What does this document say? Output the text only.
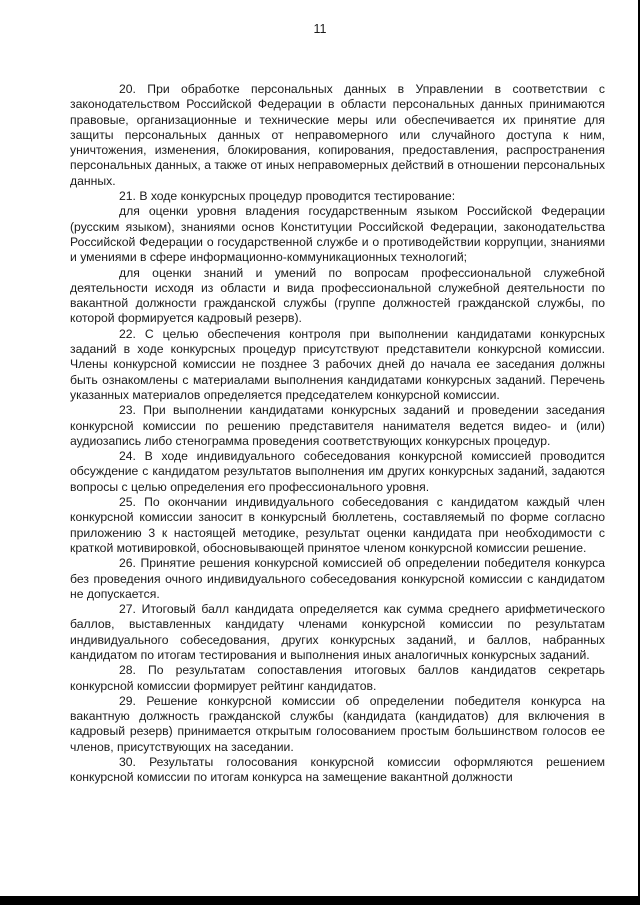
11

20. При обработке персональных данных в Управлении в соответствии с законодательством Российской Федерации в области персональных данных принимаются правовые, организационные и технические меры или обеспечивается их принятие для защиты персональных данных от неправомерного или случайного доступа к ним, уничтожения, изменения, блокирования, копирования, предоставления, распространения персональных данных, а также от иных неправомерных действий в отношении персональных данных.

21. В ходе конкурсных процедур проводится тестирование:

для оценки уровня владения государственным языком Российской Федерации (русским языком), знаниями основ Конституции Российской Федерации, законодательства Российской Федерации о государственной службе и о противодействии коррупции, знаниями и умениями в сфере информационно-коммуникационных технологий;

для оценки знаний и умений по вопросам профессиональной служебной деятельности исходя из области и вида профессиональной служебной деятельности по вакантной должности гражданской службы (группе должностей гражданской службы, по которой формируется кадровый резерв).

22. С целью обеспечения контроля при выполнении кандидатами конкурсных заданий в ходе конкурсных процедур присутствуют представители конкурсной комиссии. Члены конкурсной комиссии не позднее 3 рабочих дней до начала ее заседания должны быть ознакомлены с материалами выполнения кандидатами конкурсных заданий. Перечень указанных материалов определяется председателем конкурсной комиссии.

23. При выполнении кандидатами конкурсных заданий и проведении заседания конкурсной комиссии по решению представителя нанимателя ведется видео- и (или) аудиозапись либо стенограмма проведения соответствующих конкурсных процедур.

24. В ходе индивидуального собеседования конкурсной комиссией проводится обсуждение с кандидатом результатов выполнения им других конкурсных заданий, задаются вопросы с целью определения его профессионального уровня.

25. По окончании индивидуального собеседования с кандидатом каждый член конкурсной комиссии заносит в конкурсный бюллетень, составляемый по форме согласно приложению 3 к настоящей методике, результат оценки кандидата при необходимости с краткой мотивировкой, обосновывающей принятое членом конкурсной комиссии решение.

26. Принятие решения конкурсной комиссией об определении победителя конкурса без проведения очного индивидуального собеседования конкурсной комиссии с кандидатом не допускается.

27. Итоговый балл кандидата определяется как сумма среднего арифметического баллов, выставленных кандидату членами конкурсной комиссии по результатам индивидуального собеседования, других конкурсных заданий, и баллов, набранных кандидатом по итогам тестирования и выполнения иных аналогичных конкурсных заданий.

28. По результатам сопоставления итоговых баллов кандидатов секретарь конкурсной комиссии формирует рейтинг кандидатов.

29. Решение конкурсной комиссии об определении победителя конкурса на вакантную должность гражданской службы (кандидата (кандидатов) для включения в кадровый резерв) принимается открытым голосованием простым большинством голосов ее членов, присутствующих на заседании.

30. Результаты голосования конкурсной комиссии оформляются решением конкурсной комиссии по итогам конкурса на замещение вакантной должности
